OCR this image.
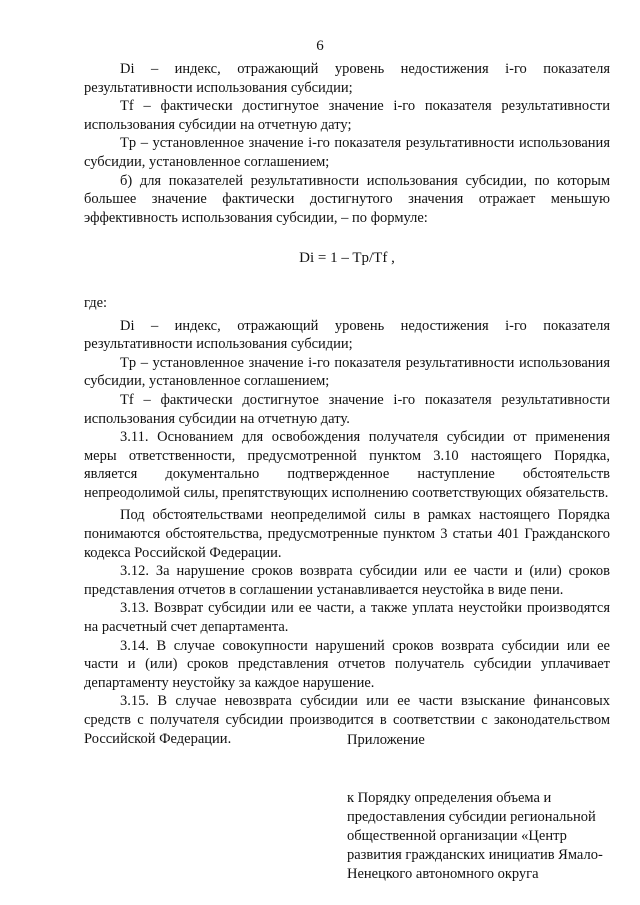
6

Di – индекс, отражающий уровень недостижения i-го показателя результативности использования субсидии;

Tf – фактически достигнутое значение i-го показателя результативности использования субсидии на отчетную дату;

Tp – установленное значение i-го показателя результативности использования субсидии, установленное соглашением;

б) для показателей результативности использования субсидии, по которым большее значение фактически достигнутого значения отражает меньшую эффективность использования субсидии, – по формуле:

Di = 1 – Tp/Tf ,

где:

Di – индекс, отражающий уровень недостижения i-го показателя результативности использования субсидии;

Tp – установленное значение i-го показателя результативности использования субсидии, установленное соглашением;

Tf – фактически достигнутое значение i-го показателя результативности использования субсидии на отчетную дату.

3.11. Основанием для освобождения получателя субсидии от применения меры ответственности, предусмотренной пунктом 3.10 настоящего Порядка, является документально подтвержденное наступление обстоятельств непреодолимой силы, препятствующих исполнению соответствующих обязательств.

Под обстоятельствами неопределимой силы в рамках настоящего Порядка понимаются обстоятельства, предусмотренные пунктом 3 статьи 401 Гражданского кодекса Российской Федерации.

3.12. За нарушение сроков возврата субсидии или ее части и (или) сроков представления отчетов в соглашении устанавливается неустойка в виде пени.

3.13. Возврат субсидии или ее части, а также уплата неустойки производятся на расчетный счет департамента.

3.14. В случае совокупности нарушений сроков возврата субсидии или ее части и (или) сроков представления отчетов получатель субсидии уплачивает департаменту неустойку за каждое нарушение.

3.15. В случае невозврата субсидии или ее части взыскание финансовых средств с получателя субсидии производится в соответствии с законодательством Российской Федерации.	Приложение
к Порядку определения объема и предоставления субсидии региональной общественной организации «Центр развития гражданских инициатив Ямало-Ненецкого автономного округа
